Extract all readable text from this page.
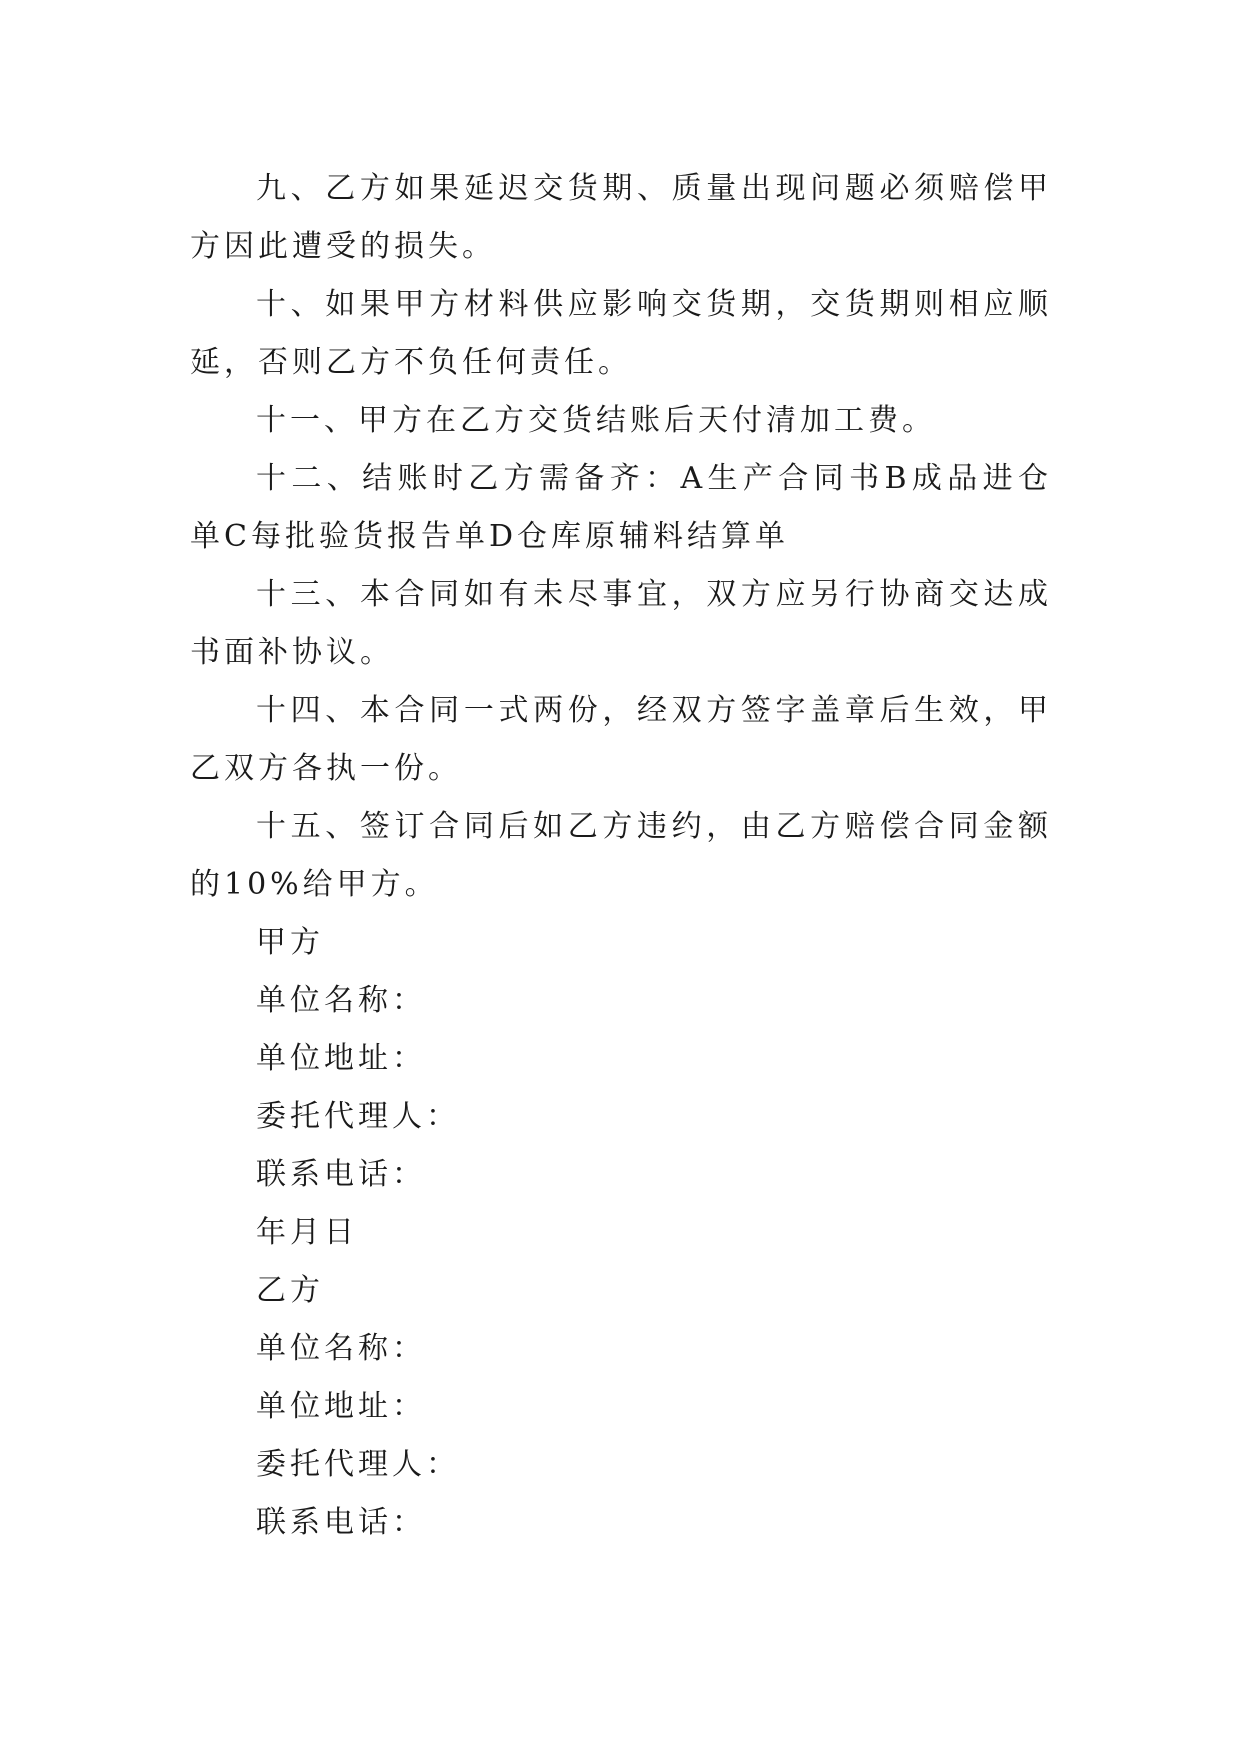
九、乙方如果延迟交货期、质量出现问题必须赔偿甲方因此遭受的损失。

十、如果甲方材料供应影响交货期，交货期则相应顺延，否则乙方不负任何责任。

十一、甲方在乙方交货结账后天付清加工费。

十二、结账时乙方需备齐：A生产合同书B成品进仓单C每批验货报告单D仓库原辅料结算单

十三、本合同如有未尽事宜，双方应另行协商交达成书面补协议。

十四、本合同一式两份，经双方签字盖章后生效，甲乙双方各执一份。

十五、签订合同后如乙方违约，由乙方赔偿合同金额的10%给甲方。

甲方

单位名称：

单位地址：

委托代理人：

联系电话：

年月日

乙方

单位名称：

单位地址：

委托代理人：

联系电话：
